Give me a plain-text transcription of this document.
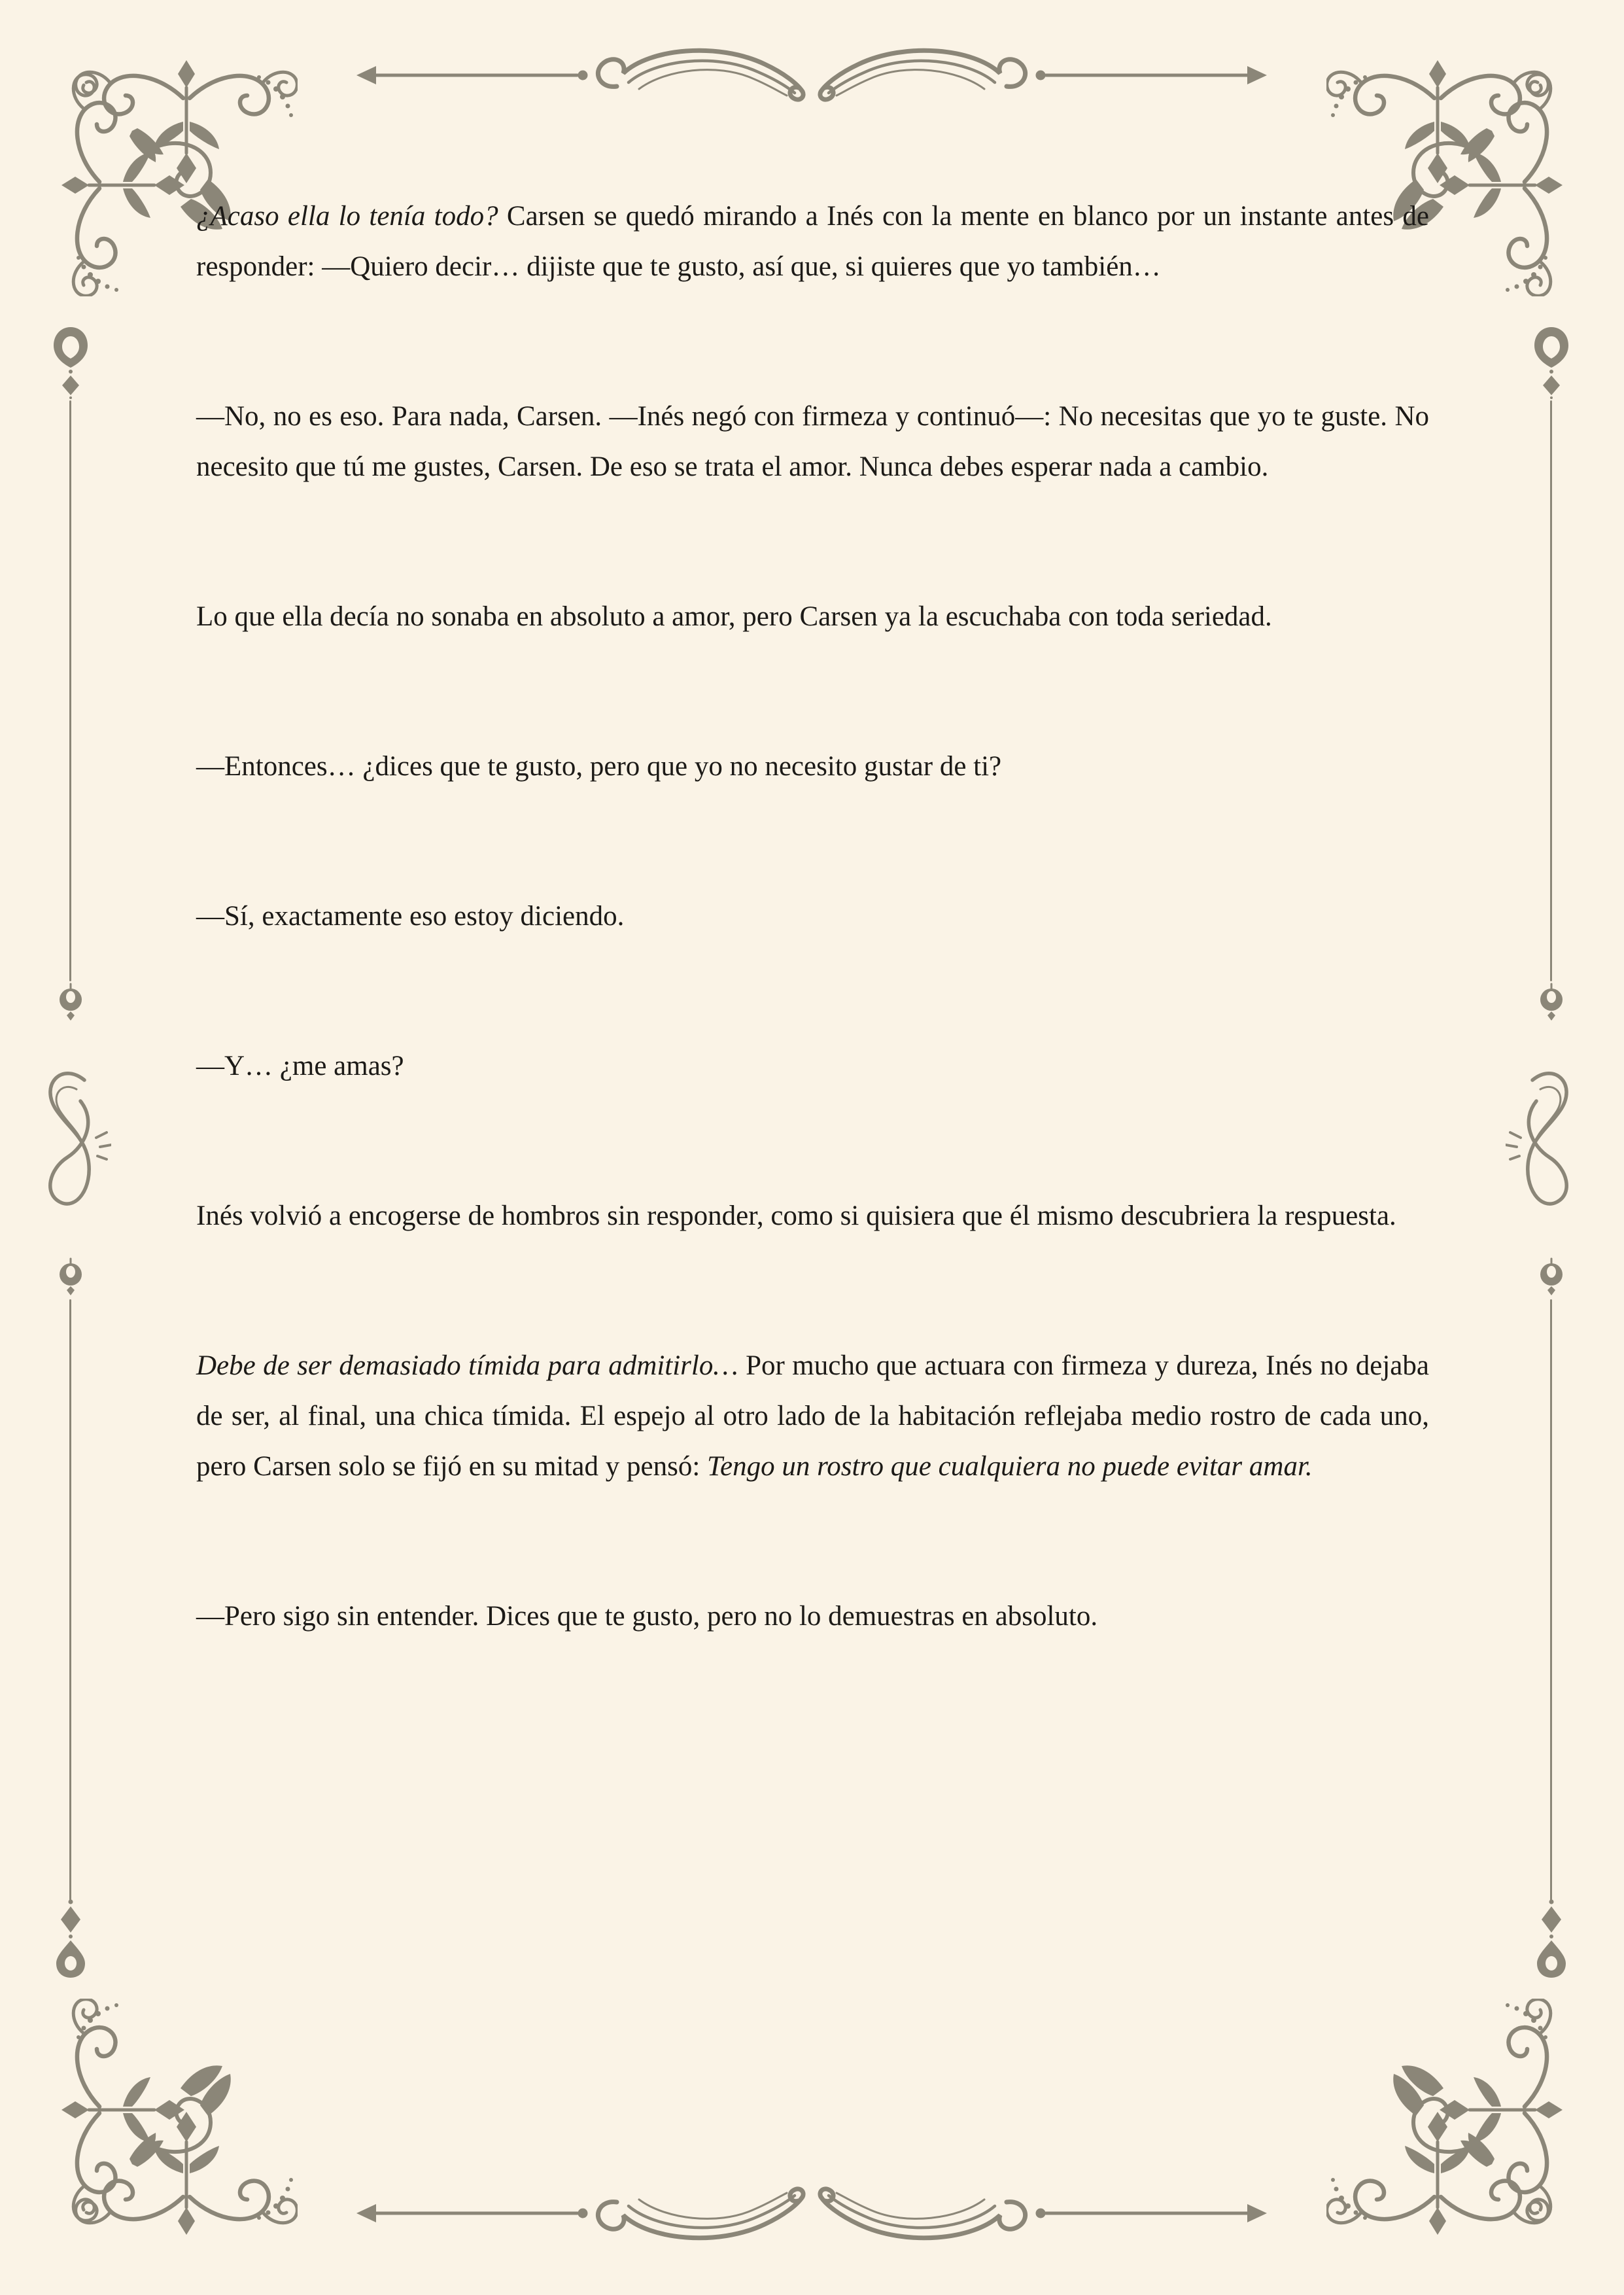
¿Acaso ella lo tenía todo? Carsen se quedó mirando a Inés con la mente en blanco por un instante antes de responder: —Quiero decir… dijiste que te gusto, así que, si quieres que yo también…

—No, no es eso. Para nada, Carsen. —Inés negó con firmeza y continuó—: No necesitas que yo te guste. No necesito que tú me gustes, Carsen. De eso se trata el amor. Nunca debes esperar nada a cambio.

Lo que ella decía no sonaba en absoluto a amor, pero Carsen ya la escuchaba con toda seriedad.

—Entonces… ¿dices que te gusto, pero que yo no necesito gustar de ti?

—Sí, exactamente eso estoy diciendo.

—Y… ¿me amas?

Inés volvió a encogerse de hombros sin responder, como si quisiera que él mismo descubriera la respuesta.

Debe de ser demasiado tímida para admitirlo… Por mucho que actuara con firmeza y dureza, Inés no dejaba de ser, al final, una chica tímida. El espejo al otro lado de la habitación reflejaba medio rostro de cada uno, pero Carsen solo se fijó en su mitad y pensó: Tengo un rostro que cualquiera no puede evitar amar.

—Pero sigo sin entender. Dices que te gusto, pero no lo demuestras en absoluto.
